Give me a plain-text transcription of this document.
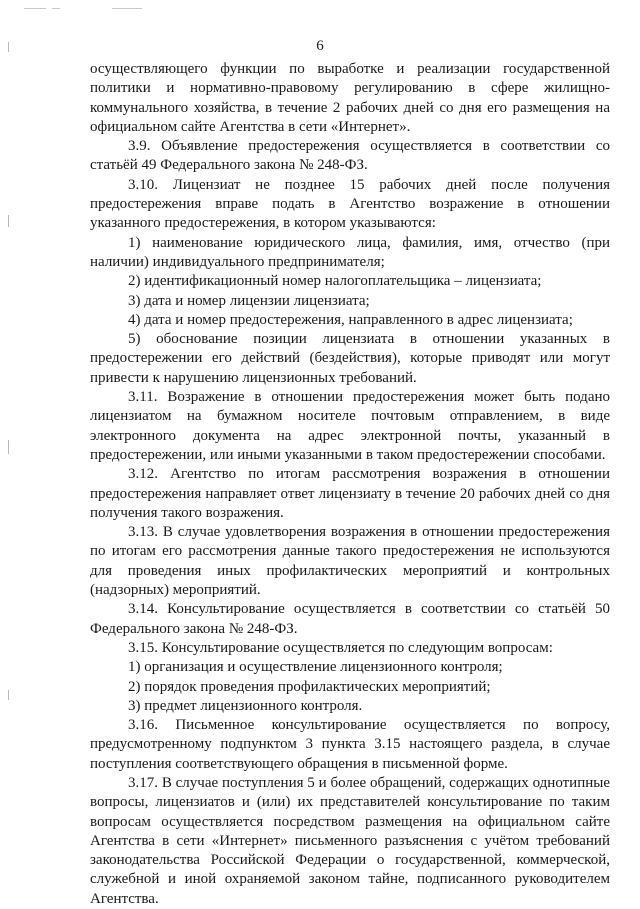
6

осуществляющего функции по выработке и реализации государственной политики и нормативно-правовому регулированию в сфере жилищно-коммунального хозяйства, в течение 2 рабочих дней со дня его размещения на официальном сайте Агентства в сети «Интернет».

3.9. Объявление предостережения осуществляется в соответствии со статьёй 49 Федерального закона № 248-ФЗ.

3.10. Лицензиат не позднее 15 рабочих дней после получения предостережения вправе подать в Агентство возражение в отношении указанного предостережения, в котором указываются:

1) наименование юридического лица, фамилия, имя, отчество (при наличии) индивидуального предпринимателя;

2) идентификационный номер налогоплательщика – лицензиата;

3) дата и номер лицензии лицензиата;

4) дата и номер предостережения, направленного в адрес лицензиата;

5) обоснование позиции лицензиата в отношении указанных в предостережении его действий (бездействия), которые приводят или могут привести к нарушению лицензионных требований.

3.11. Возражение в отношении предостережения может быть подано лицензиатом на бумажном носителе почтовым отправлением, в виде электронного документа на адрес электронной почты, указанный в предостережении, или иными указанными в таком предостережении способами.

3.12. Агентство по итогам рассмотрения возражения в отношении предостережения направляет ответ лицензиату в течение 20 рабочих дней со дня получения такого возражения.

3.13. В случае удовлетворения возражения в отношении предостережения по итогам его рассмотрения данные такого предостережения не используются для проведения иных профилактических мероприятий и контрольных (надзорных) мероприятий.

3.14. Консультирование осуществляется в соответствии со статьёй 50 Федерального закона № 248-ФЗ.

3.15. Консультирование осуществляется по следующим вопросам:

1) организация и осуществление лицензионного контроля;

2) порядок проведения профилактических мероприятий;

3) предмет лицензионного контроля.

3.16. Письменное консультирование осуществляется по вопросу, предусмотренному подпунктом 3 пункта 3.15 настоящего раздела, в случае поступления соответствующего обращения в письменной форме.

3.17. В случае поступления 5 и более обращений, содержащих однотипные вопросы, лицензиатов и (или) их представителей консультирование по таким вопросам осуществляется посредством размещения на официальном сайте Агентства в сети «Интернет» письменного разъяснения с учётом требований законодательства Российской Федерации о государственной, коммерческой, служебной и иной охраняемой законом тайне, подписанного руководителем Агентства.
